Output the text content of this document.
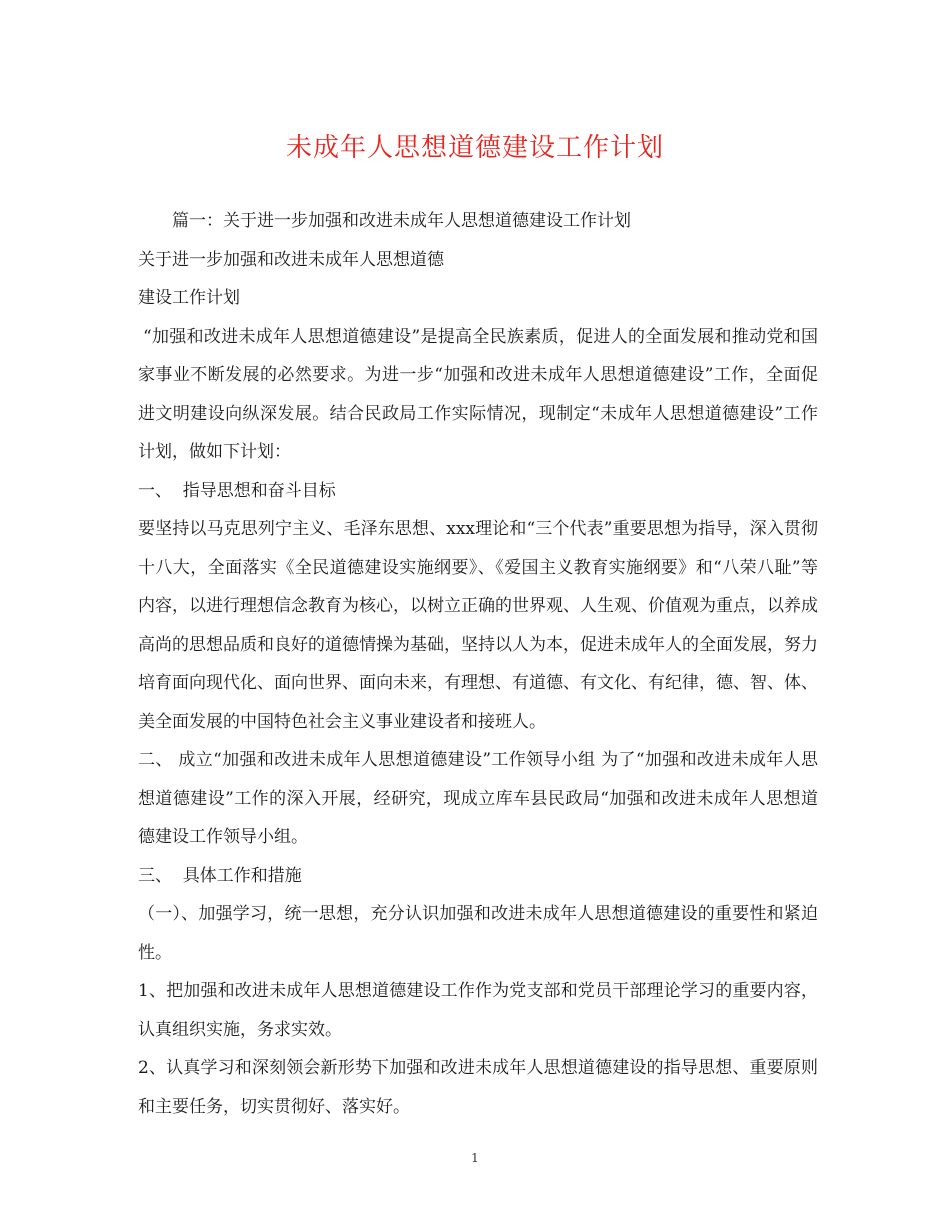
未成年人思想道德建设工作计划

篇一：关于进一步加强和改进未成年人思想道德建设工作计划

关于进一步加强和改进未成年人思想道德

建设工作计划

“加强和改进未成年人思想道德建设”是提高全民族素质，促进人的全面发展和推动党和国家事业不断发展的必然要求。为进一步“加强和改进未成年人思想道德建设”工作，全面促进文明建设向纵深发展。结合民政局工作实际情况，现制定“未成年人思想道德建设”工作计划，做如下计划：

一、  指导思想和奋斗目标

要坚持以马克思列宁主义、毛泽东思想、xxx理论和“三个代表”重要思想为指导，深入贯彻十八大，全面落实《全民道德建设实施纲要》、《爱国主义教育实施纲要》和“八荣八耻”等内容，以进行理想信念教育为核心，以树立正确的世界观、人生观、价值观为重点，以养成高尚的思想品质和良好的道德情操为基础，坚持以人为本，促进未成年人的全面发展，努力培育面向现代化、面向世界、面向未来，有理想、有道德、有文化、有纪律，德、智、体、美全面发展的中国特色社会主义事业建设者和接班人。

二、 成立“加强和改进未成年人思想道德建设”工作领导小组 为了“加强和改进未成年人思想道德建设”工作的深入开展，经研究，现成立库车县民政局“加强和改进未成年人思想道德建设工作领导小组。

三、  具体工作和措施

（一）、加强学习，统一思想，充分认识加强和改进未成年人思想道德建设的重要性和紧迫性。

1、把加强和改进未成年人思想道德建设工作作为党支部和党员干部理论学习的重要内容，认真组织实施，务求实效。

2、认真学习和深刻领会新形势下加强和改进未成年人思想道德建设的指导思想、重要原则和主要任务，切实贯彻好、落实好。

1
